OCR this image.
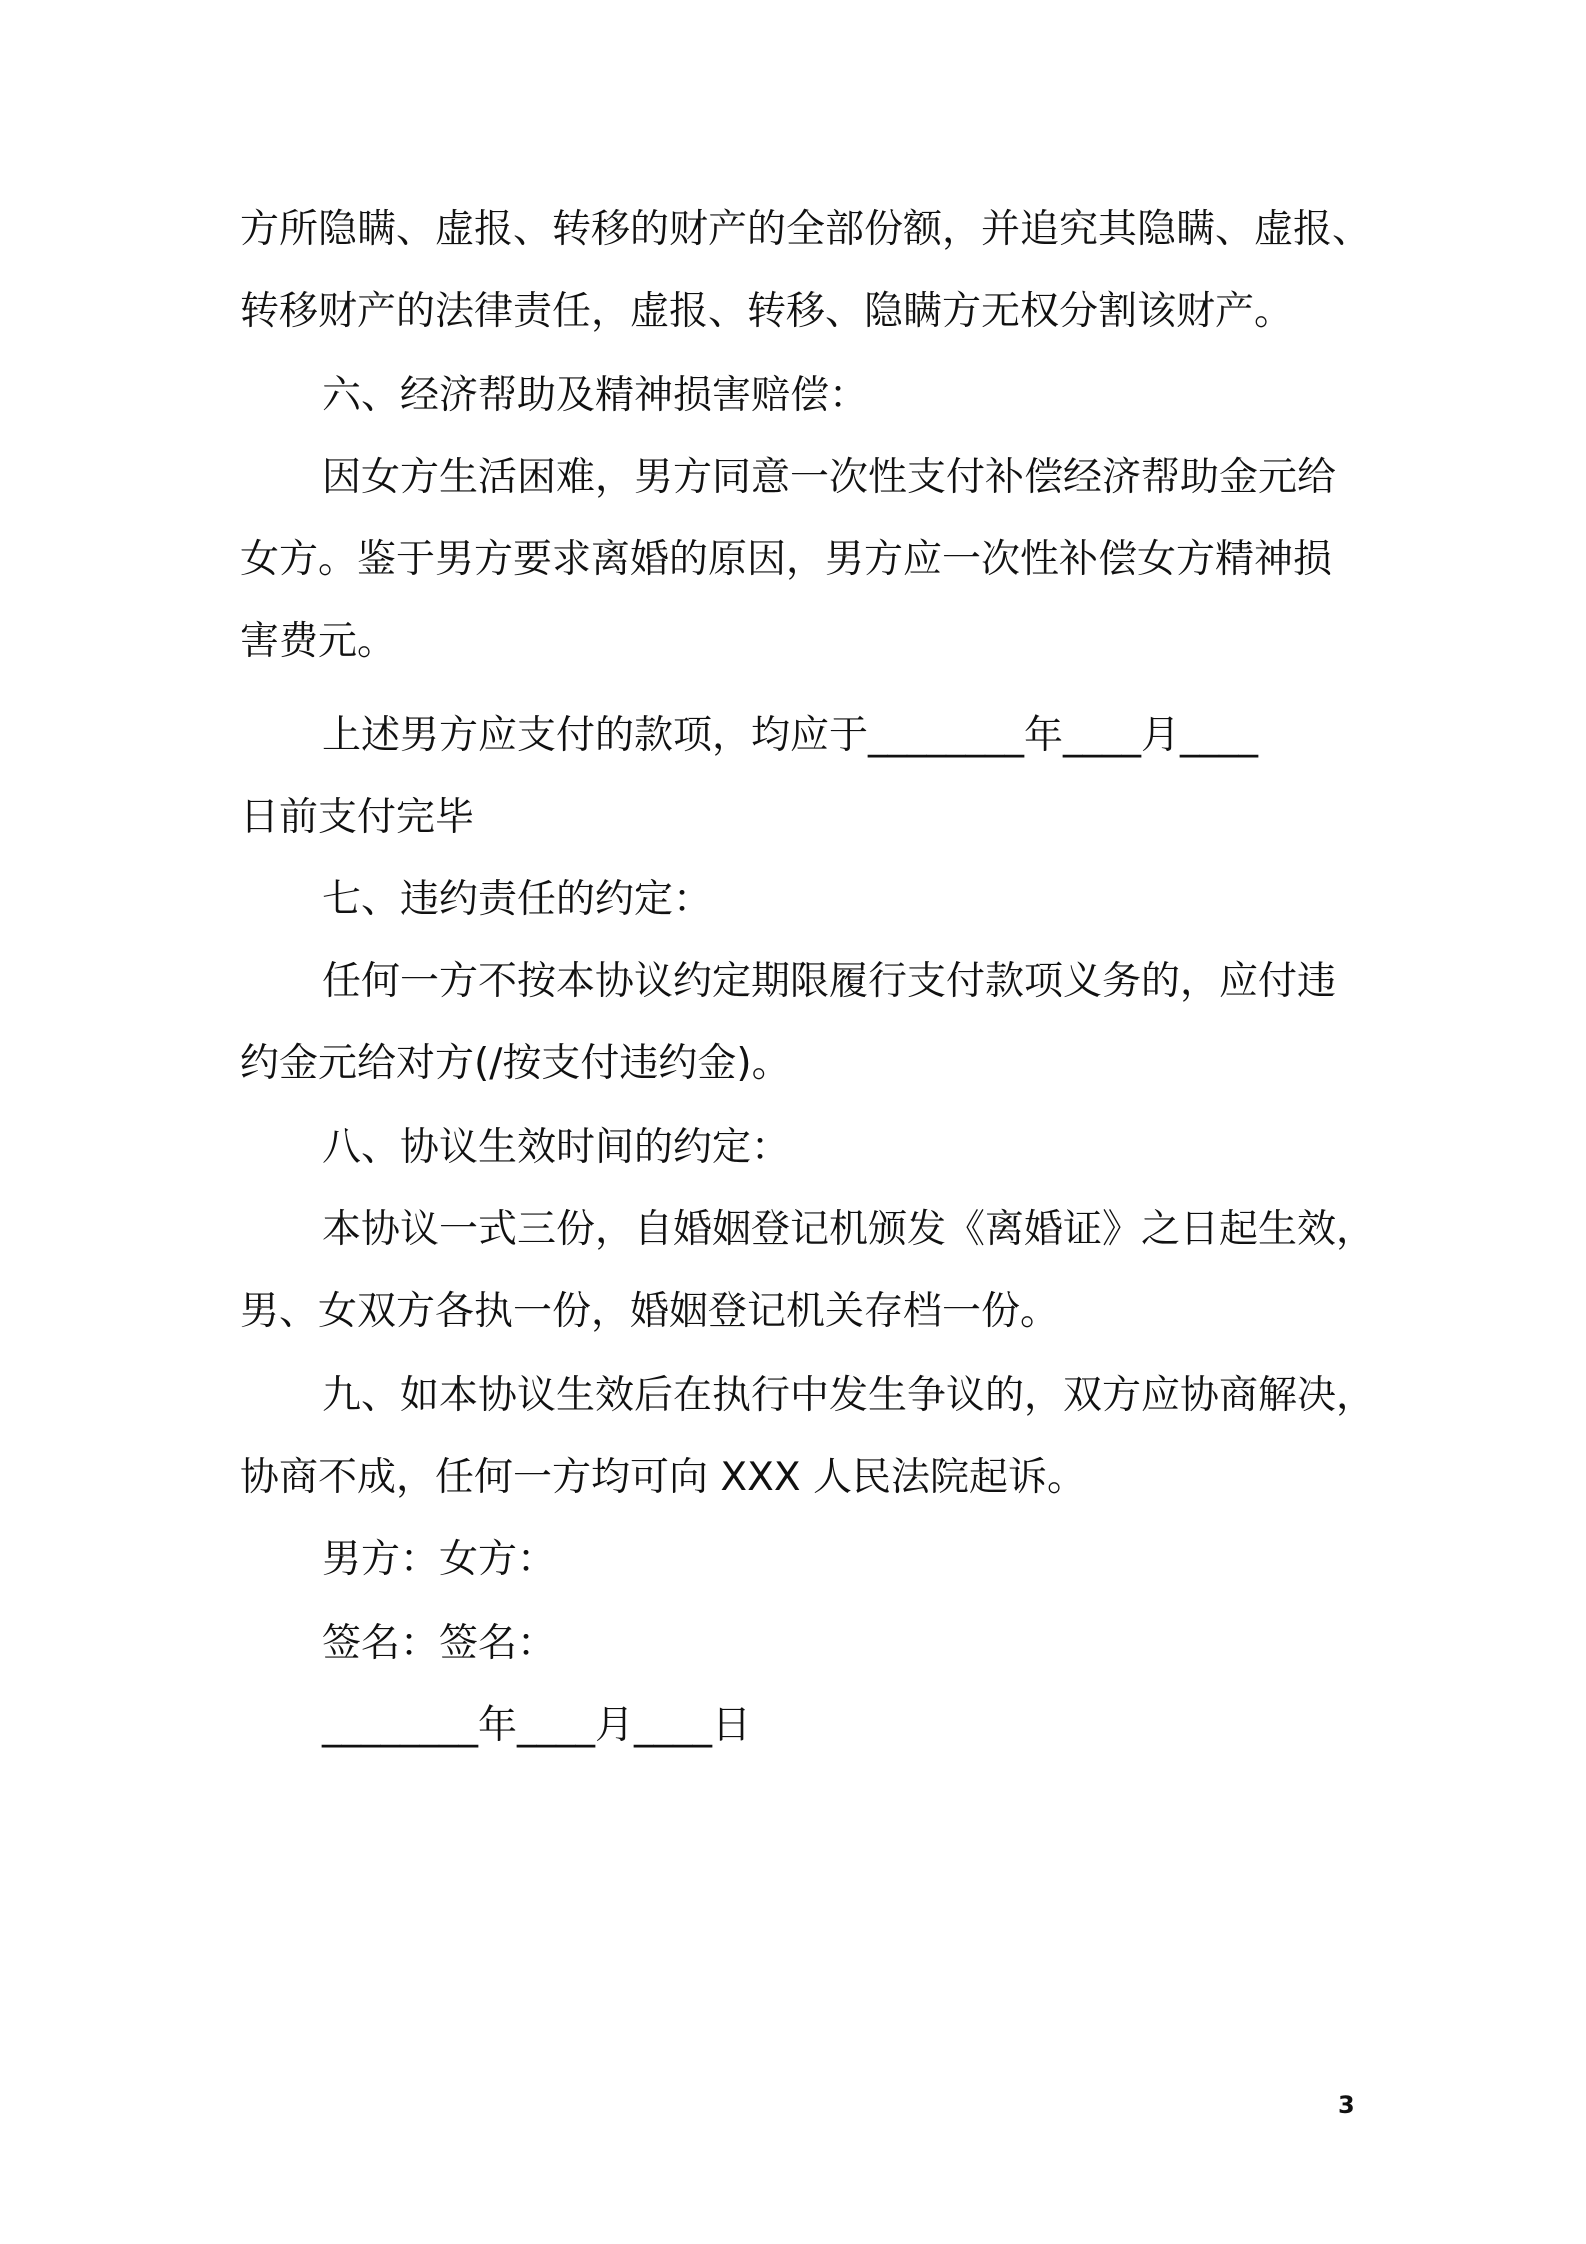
方所隐瞒、虚报、转移的财产的全部份额，并追究其隐瞒、虚报、
转移财产的法律责任，虚报、转移、隐瞒方无权分割该财产。
六、经济帮助及精神损害赔偿：
因女方生活困难，男方同意一次性支付补偿经济帮助金元给
女方。鉴于男方要求离婚的原因，男方应一次性补偿女方精神损
害费元。
上述男方应支付的款项，均应于________年____月____
日前支付完毕
七、违约责任的约定：
任何一方不按本协议约定期限履行支付款项义务的，应付违
约金元给对方(/按支付违约金)。
八、协议生效时间的约定：
本协议一式三份，自婚姻登记机颁发《离婚证》之日起生效，
男、女双方各执一份，婚姻登记机关存档一份。
九、如本协议生效后在执行中发生争议的，双方应协商解决，
协商不成，任何一方均可向 XXX 人民法院起诉。
男方：女方：
签名：签名：
________年____月____日
3
